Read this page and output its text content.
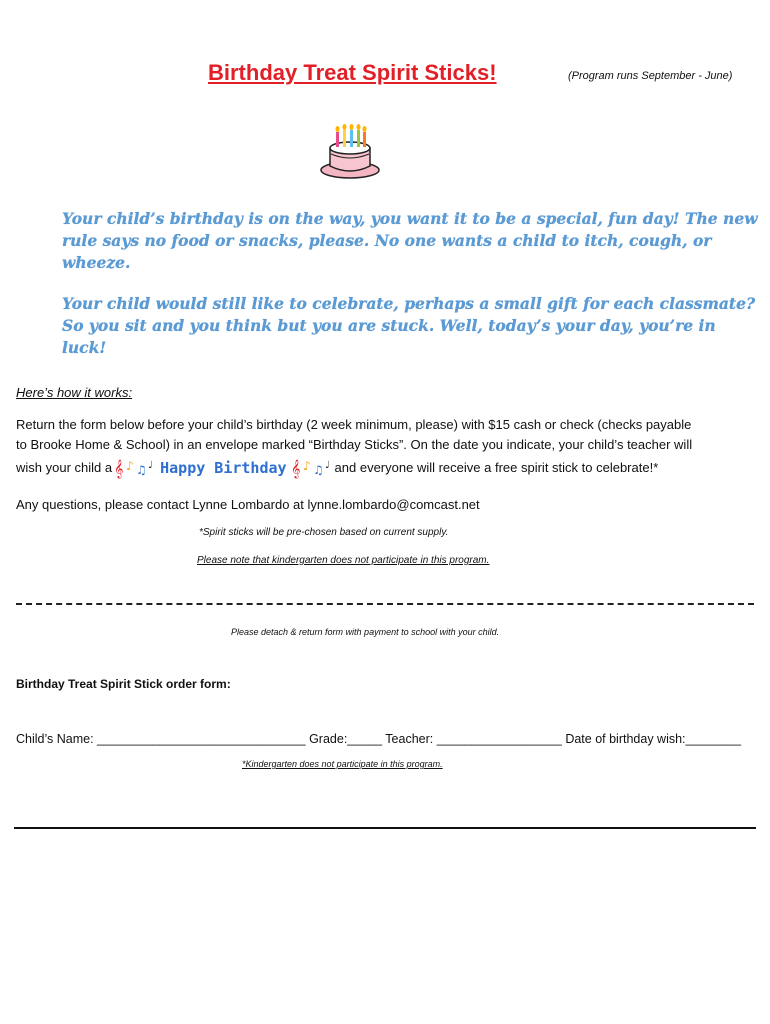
Birthday Treat Spirit Sticks!	(Program runs September - June)
Your child’s birthday is on the way, you want it to be a special, fun day! The new rule says no food or snacks, please. No one wants a child to itch, cough, or wheeze.
Your child would still like to celebrate, perhaps a small gift for each classmate? So you sit and you think but you are stuck. Well, today’s your day, you’re in luck!
Here’s how it works:
Return the form below before your child’s birthday (2 week minimum, please) with $15 cash or check (checks payable
to Brooke Home & School) in an envelope marked “Birthday Sticks”. On the date you indicate, your child’s teacher will
wish your child a 𝄞 ♪ ♫ ♩ Happy Birthday 𝄞 ♪ ♫ ♩ and everyone will receive a free spirit stick to celebrate!*
Any questions, please contact Lynne Lombardo at lynne.lombardo@comcast.net
*Spirit sticks will be pre-chosen based on current supply.
Please note that kindergarten does not participate in this program.
Please detach & return form with payment to school with your child.
Birthday Treat Spirit Stick order form:
Child’s Name: ______________________________ Grade:_____ Teacher: __________________ Date of birthday wish:________
*Kindergarten does not participate in this program.
